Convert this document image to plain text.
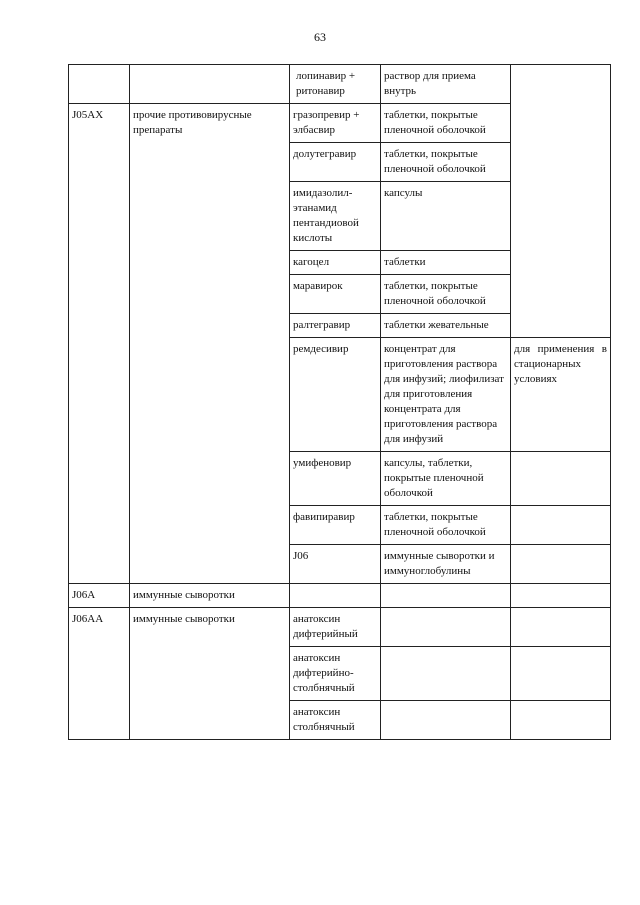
63
		лопинавир + ритонавир	раствор для приема внутрь		
J05AX	прочие противовирусные препараты	гразопревир + элбасвир	таблетки, покрытые пленочной оболочкой		
		долутегравир	таблетки, покрытые пленочной оболочкой		
		имидазолилэтанамид пентандиовой кислоты	капсулы		
		кагоцел	таблетки		
		маравирок	таблетки, покрытые пленочной оболочкой		
		ралтегравир	таблетки жевательные		
		ремдесивир	концентрат для приготовления раствора для инфузий; лиофилизат для приготовления концентрата для приготовления раствора для инфузий	для применения в стационарных условиях	
		умифеновир	капсулы, таблетки, покрытые пленочной оболочкой		
		фавипиравир	таблетки, покрытые пленочной оболочкой		
		J06	иммунные сыворотки и иммуноглобулины			
J06A	иммунные сыворотки				
J06AA	иммунные сыворотки	анатоксин дифтерийный			
		анатоксин дифтерийно-столбнячный			
		анатоксин столбнячный			
